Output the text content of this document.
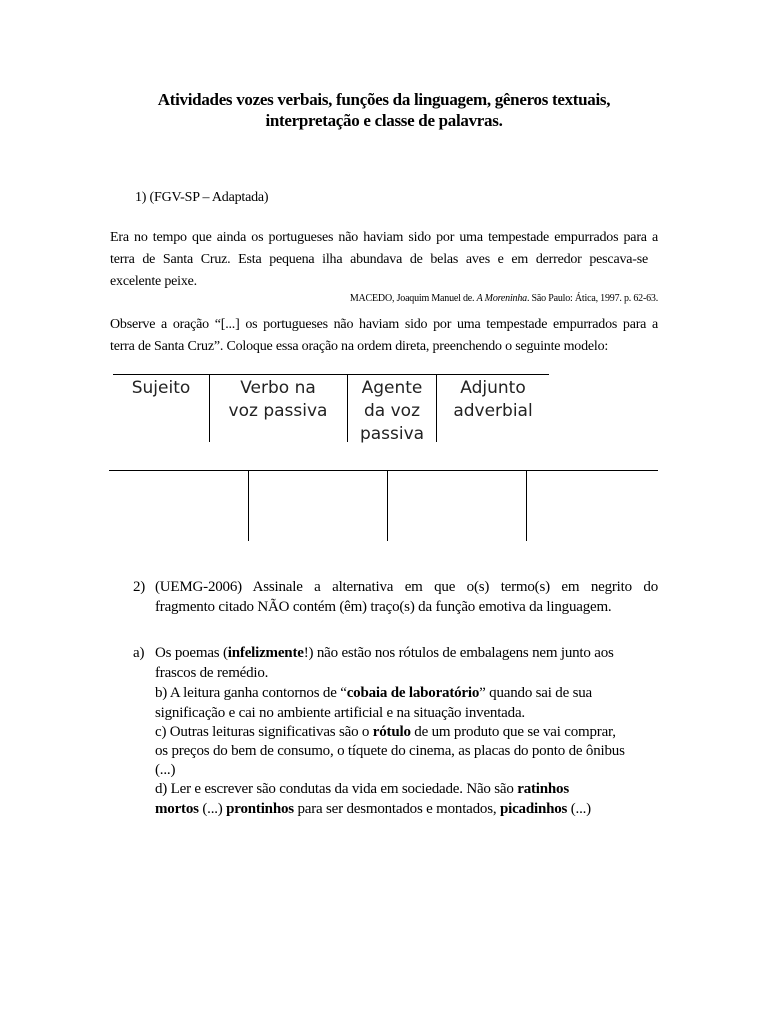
Atividades vozes verbais, funções da linguagem, gêneros textuais,
interpretação e classe de palavras.
1) (FGV-SP – Adaptada)
Era no tempo que ainda os portugueses não haviam sido por uma tempestade empurrados para a
terra de Santa Cruz. Esta pequena ilha abundava de belas aves e em derredor pescava-se
excelente peixe.
MACEDO, Joaquim Manuel de. A Moreninha. São Paulo: Ática, 1997. p. 62-63.
Observe a oração “[...] os portugueses não haviam sido por uma tempestade empurrados para a
terra de Santa Cruz”. Coloque essa oração na ordem direta, preenchendo o seguinte modelo:
Sujeito	Verbo na
voz passiva
Agente
da voz
passiva
Adjunto
adverbial
2) (UEMG-2006) Assinale a alternativa em que o(s) termo(s) em negrito do
fragmento citado NÃO contém (êm) traço(s) da função emotiva da linguagem.
a) Os poemas (infelizmente!) não estão nos rótulos de embalagens nem junto aos
frascos de remédio.
b) A leitura ganha contornos de “cobaia de laboratório” quando sai de sua
significação e cai no ambiente artificial e na situação inventada.
c) Outras leituras significativas são o rótulo de um produto que se vai comprar,
os preços do bem de consumo, o tíquete do cinema, as placas do ponto de ônibus
(...)
d) Ler e escrever são condutas da vida em sociedade. Não são ratinhos
mortos (...) prontinhos para ser desmontados e montados, picadinhos (...)
